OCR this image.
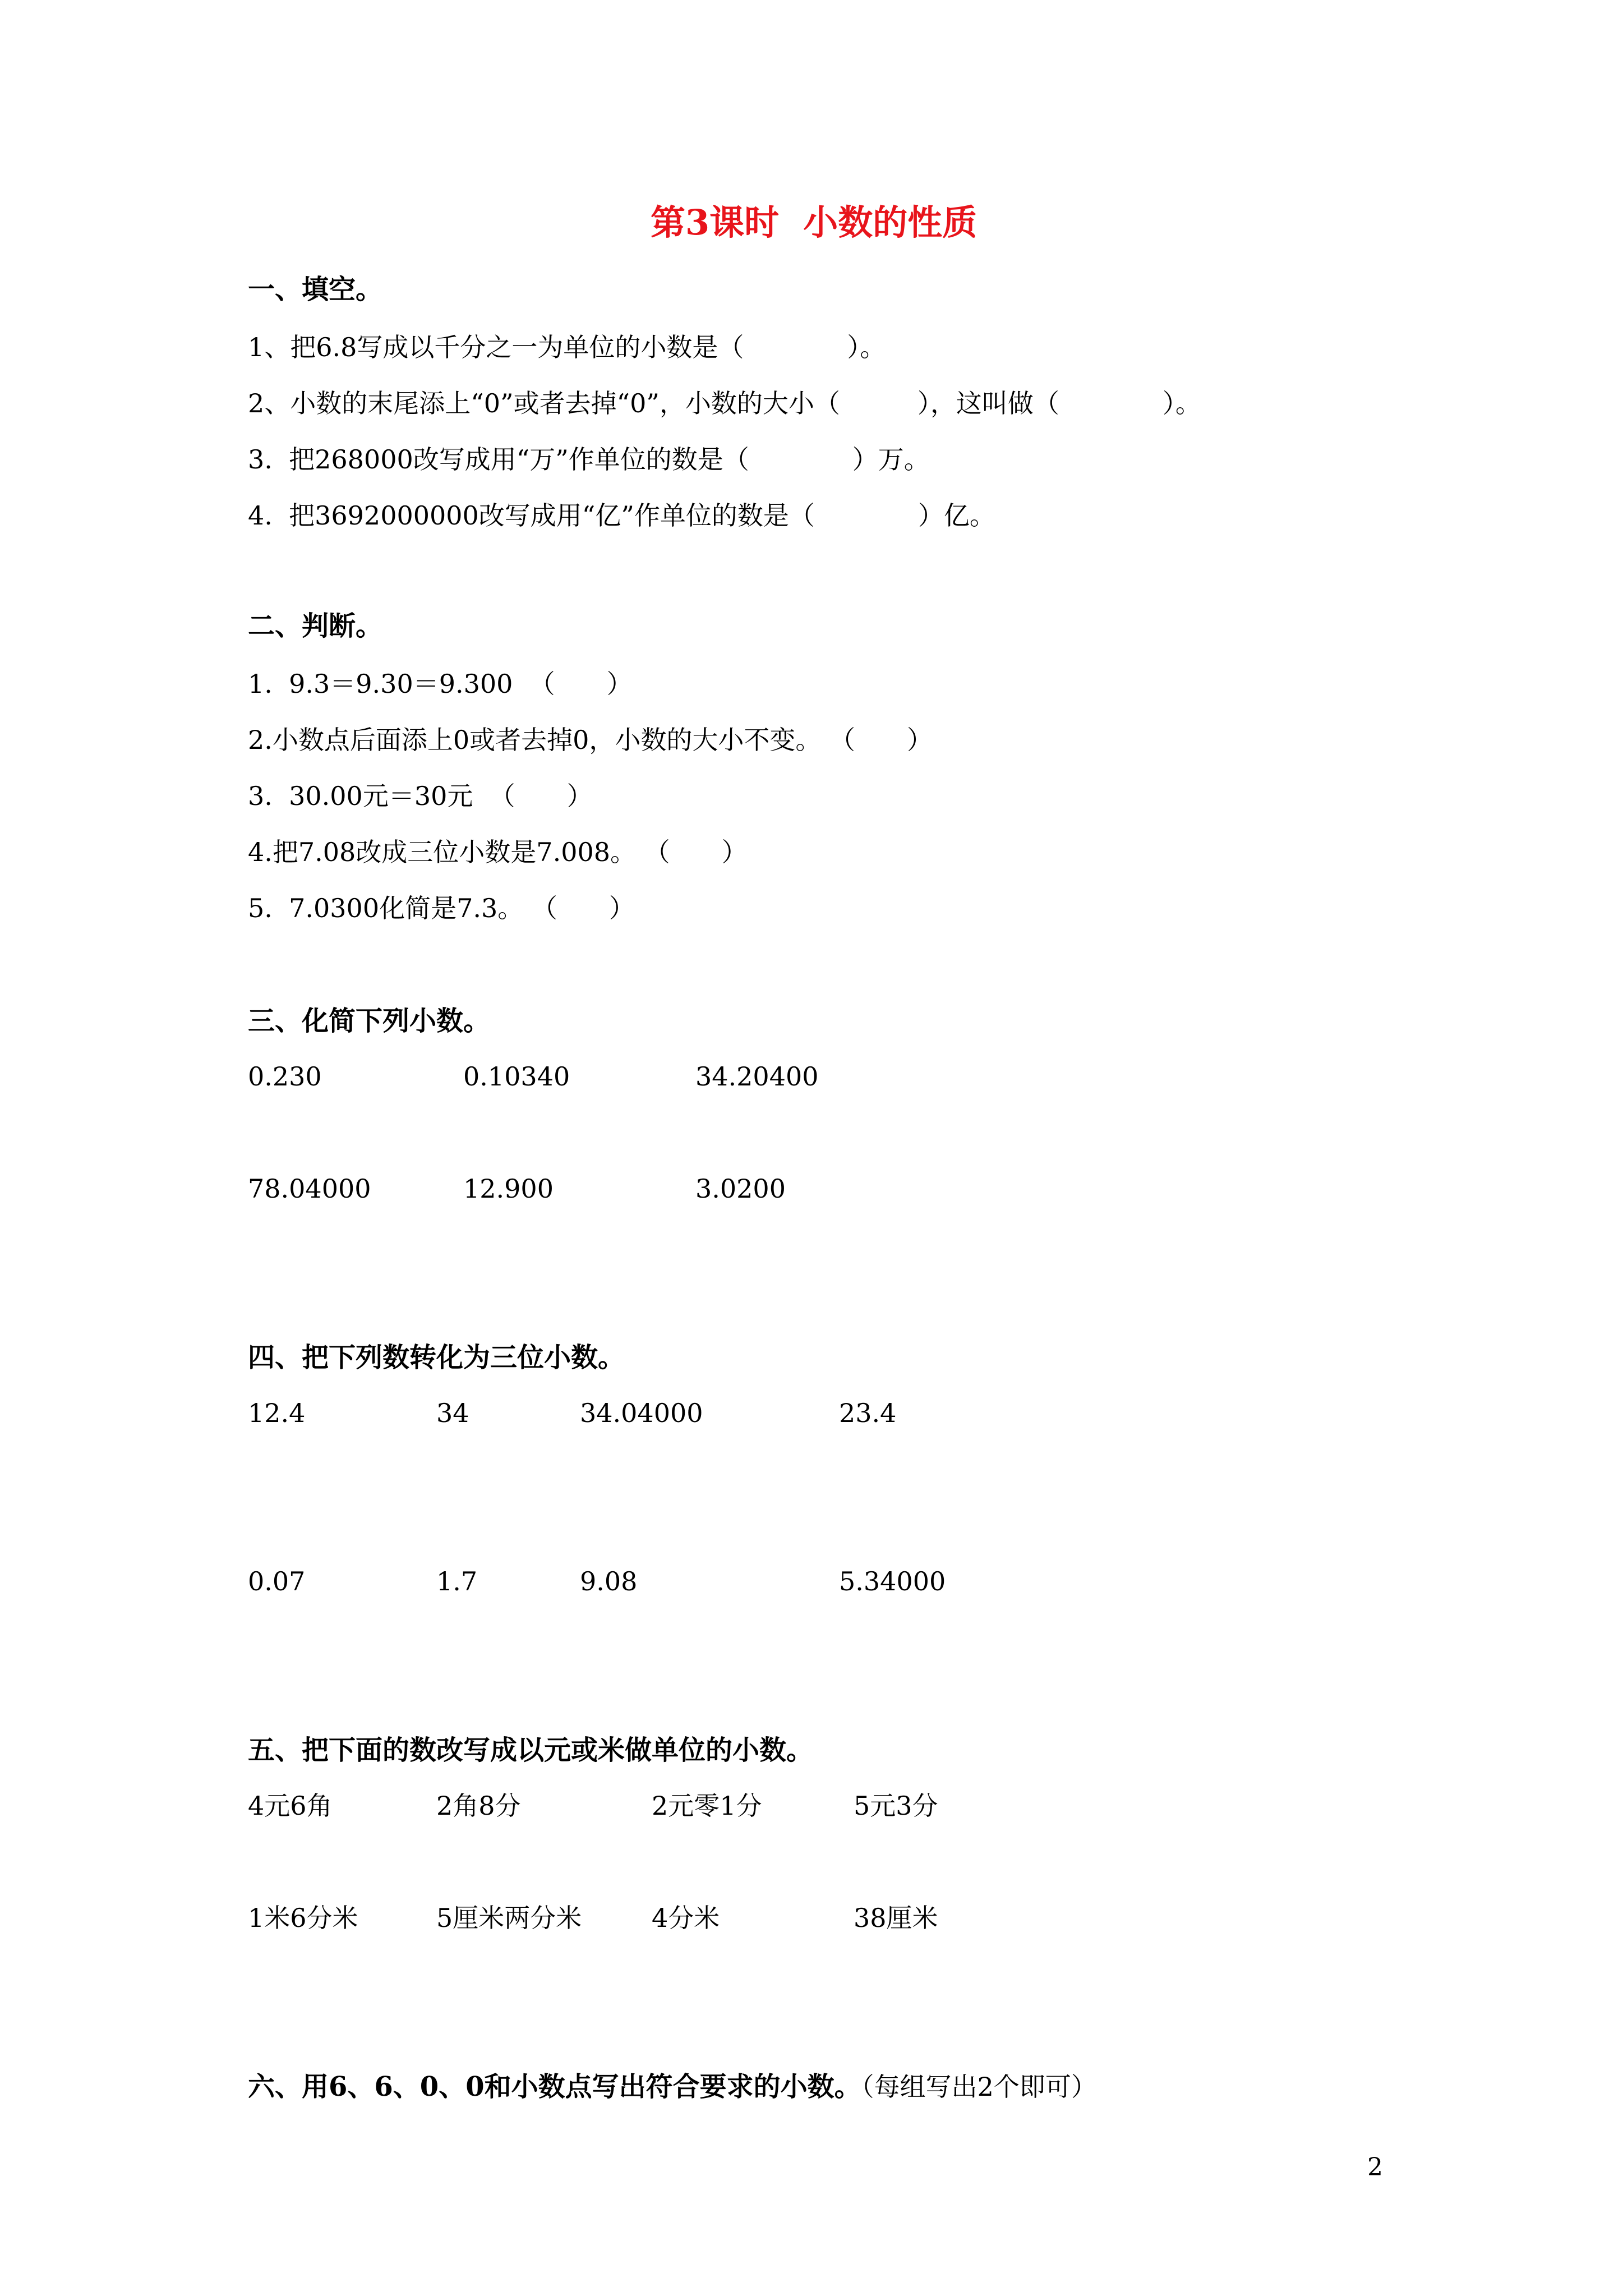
第3课时  小数的性质
一、填空。
1、把6.8写成以千分之一为单位的小数是（　　　　）。
2、小数的末尾添上“0”或者去掉“0”，小数的大小（　　　），这叫做（　　　　）。
3.  把268000改写成用“万”作单位的数是（　　　　）万。
4.  把3692000000改写成用“亿”作单位的数是（　　　　）亿。
二、判断。
1.  9.3＝9.30＝9.300  （　　）
2.小数点后面添上0或者去掉0，小数的大小不变。 （　　）
3.  30.00元＝30元  （　　）
4.把7.08改成三位小数是7.008。 （　　）
5.  7.0300化简是7.3。 （　　）
三、化简下列小数。
0.230	0.10340	34.20400
78.04000	12.900	3.0200
四、把下列数转化为三位小数。
12.4	34	34.04000	23.4
0.07	1.7	9.08	5.34000
五、把下面的数改写成以元或米做单位的小数。
4元6角	2角8分	2元零1分	5元3分
1米6分米	5厘米两分米	4分米	38厘米
六、用6、6、0、0和小数点写出符合要求的小数。（每组写出2个即可）
2
